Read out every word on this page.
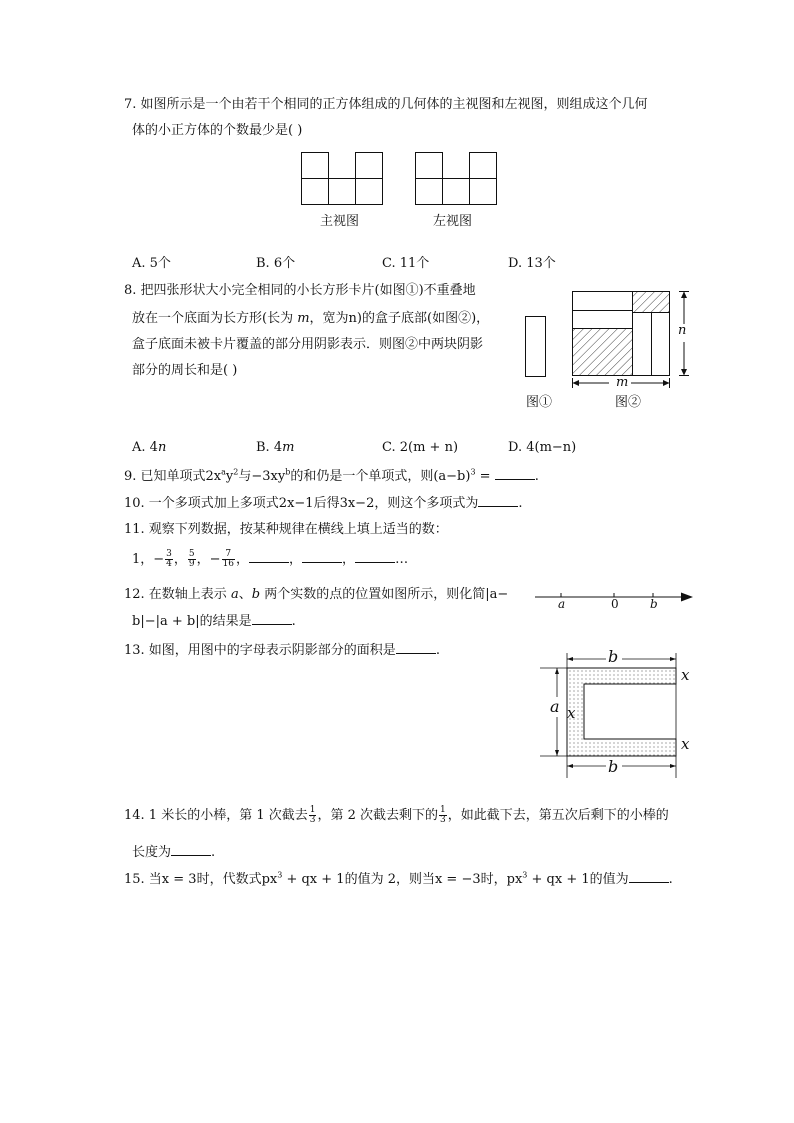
7. 如图所示是一个由若干个相同的正方体组成的几何体的主视图和左视图，则组成这个几何
体的小正方体的个数最少是( )
主视图	左视图
A. 5个	B. 6个	C. 11个	D. 13个
8. 把四张形状大小完全相同的小长方形卡片(如图①)不重叠地
放在一个底面为长方形(长为 m，宽为n)的盒子底部(如图②)，
盒子底面未被卡片覆盖的部分用阴影表示．则图②中两块阴影
部分的周长和是( )
n
m
图①	图②
A. 4n	B. 4m	C. 2(m + n)	D. 4(m−n)
9. 已知单项式$2x^ay^2$与$-3xy^b$的和仍是一个单项式，则$(a-b)^3$ =	.
10. 一个多项式加上多项式2x−1后得3x−2，则这个多项式为	.
11. 观察下列数据，按某种规律在横线上填上适当的数：
1，− $\frac{3}{4}$ ， $\frac{5}{9}$ ，− $\frac{7}{16}$ ，	，	，	…
12. 在数轴上表示 a、b 两个实数的点的位置如图所示，则化简|a−
b|−|a + b|的结果是	.
a	0	b
13. 如图，用图中的字母表示阴影部分的面积是	.	b
a x
x
x
b
14. 1 米长的小棒，第 1 次截去 $\frac{1}{3}$ ，第 2 次截去剩下的 $\frac{1}{3}$ ，如此截下去，第五次后剩下的小棒的
长度为	.
15. 当x = 3时，代数式$px^3$ + qx + 1的值为 2，则当x = −3时，$px^3$ + qx + 1的值为	.
